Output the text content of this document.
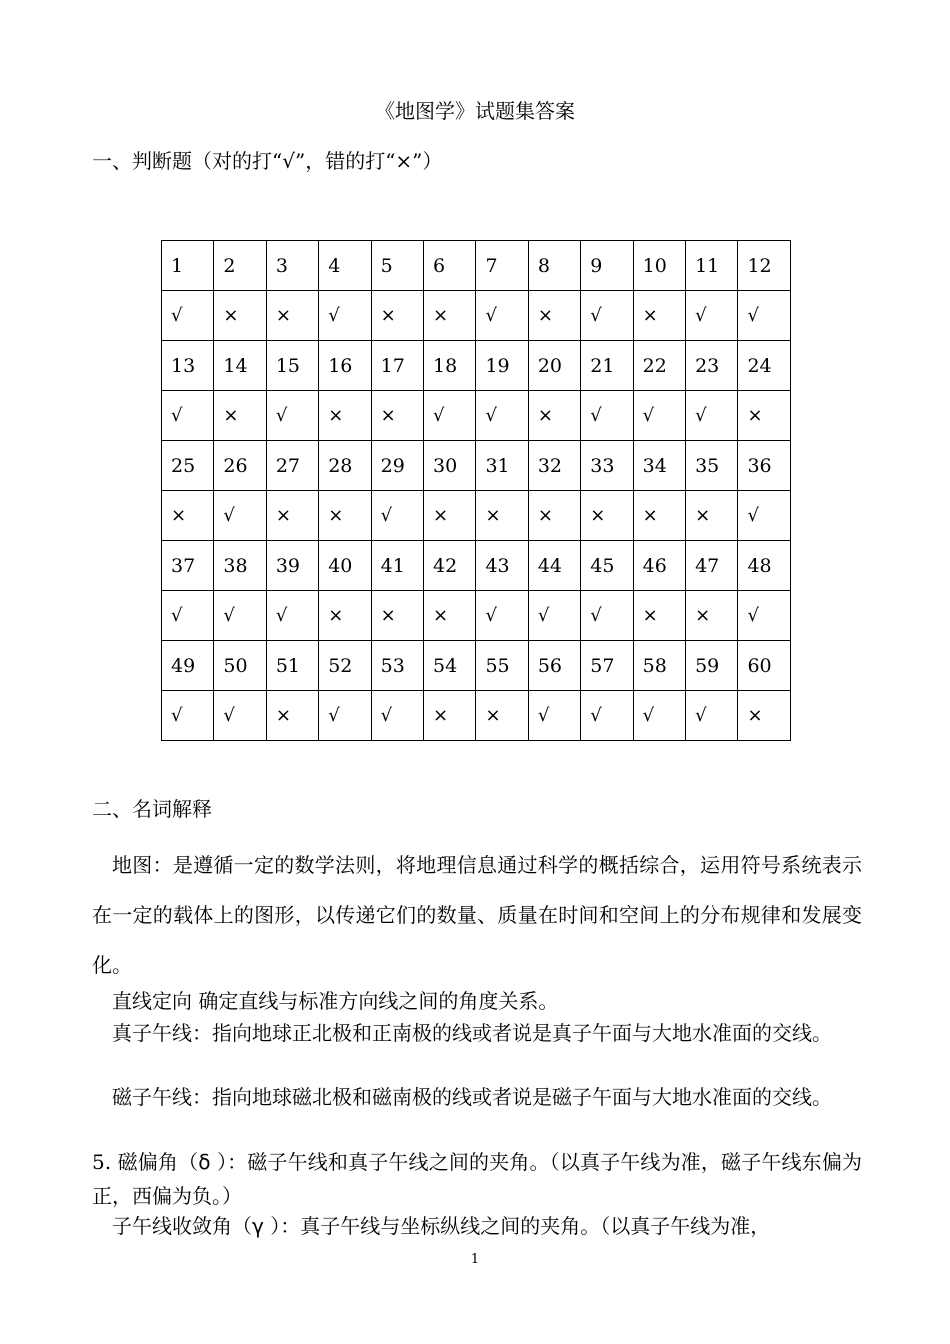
《地图学》试题集答案
一、判断题（对的打“√”，错的打“×”）
1	2	3	4	5	6	7	8	9	10	11	12
√	×	×	√	×	×	√	×	√	×	√	√
13	14	15	16	17	18	19	20	21	22	23	24
√	×	√	×	×	√	√	×	√	√	√	×
25	26	27	28	29	30	31	32	33	34	35	36
×	√	×	×	√	×	×	×	×	×	×	√
37	38	39	40	41	42	43	44	45	46	47	48
√	√	√	×	×	×	√	√	√	×	×	√
49	50	51	52	53	54	55	56	57	58	59	60
√	√	×	√	√	×	×	√	√	√	√	×
二、名词解释
地图：是遵循一定的数学法则，将地理信息通过科学的概括综合，运用符号系统表示在一定的载体上的图形，以传递它们的数量、质量在时间和空间上的分布规律和发展变化。
直线定向 确定直线与标准方向线之间的角度关系。
真子午线：指向地球正北极和正南极的线或者说是真子午面与大地水准面的交线。
磁子午线：指向地球磁北极和磁南极的线或者说是磁子午面与大地水准面的交线。
5. 磁偏角（δ ）：磁子午线和真子午线之间的夹角。（以真子午线为准，磁子午线东偏为正，西偏为负。）
子午线收敛角（γ ）：真子午线与坐标纵线之间的夹角。（以真子午线为准，
1
